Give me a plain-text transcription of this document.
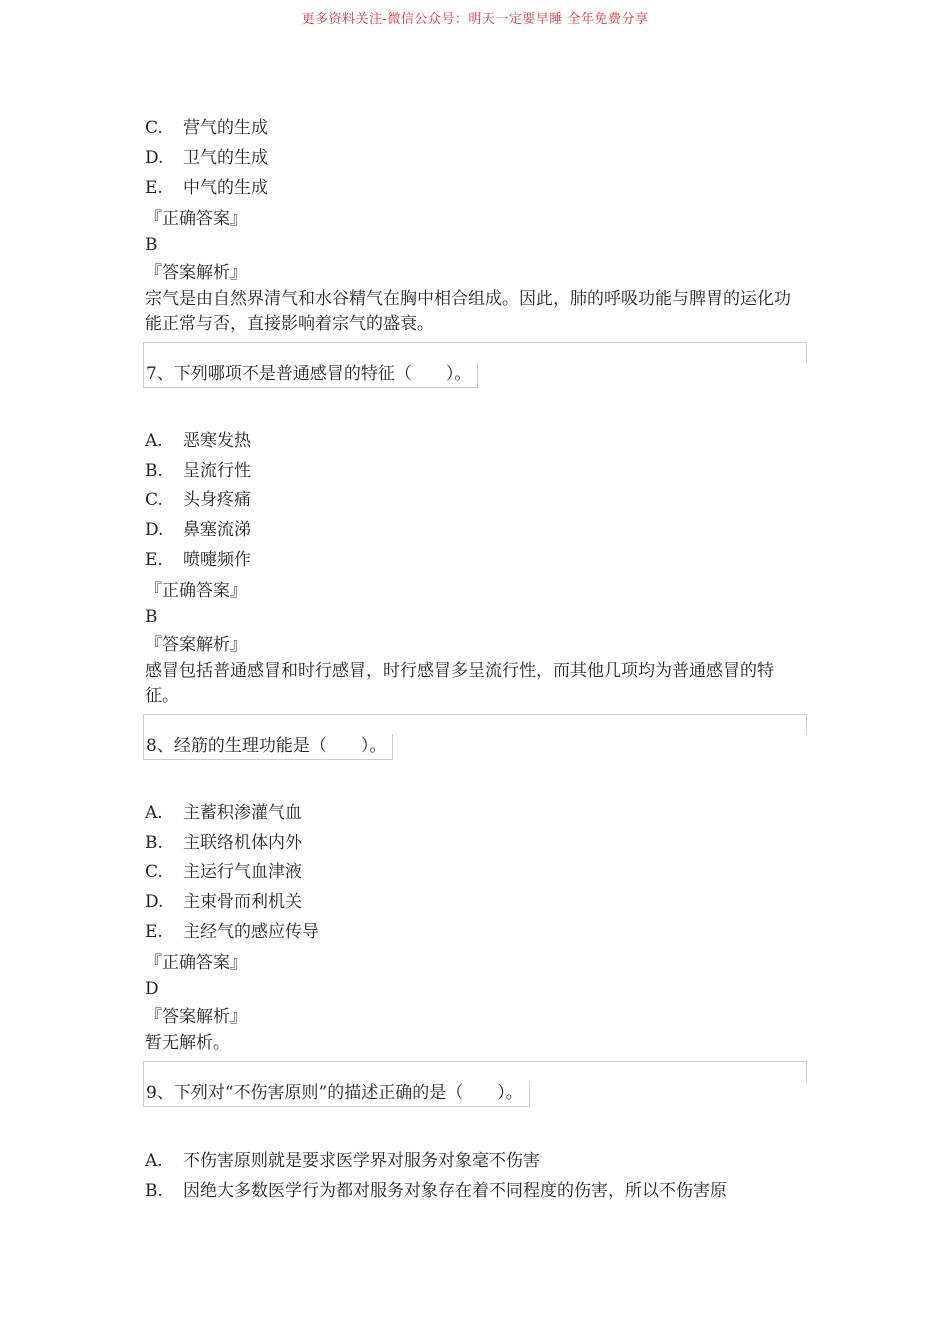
更多资料关注-微信公众号：明天一定要早睡 全年免费分享
C. 营气的生成
D. 卫气的生成
E. 中气的生成
『正确答案』
B
『答案解析』
宗气是由自然界清气和水谷精气在胸中相合组成。因此，肺的呼吸功能与脾胃的运化功能正常与否，直接影响着宗气的盛衰。
7、下列哪项不是普通感冒的特征（　　）。
A. 恶寒发热
B. 呈流行性
C. 头身疼痛
D. 鼻塞流涕
E. 喷嚏频作
『正确答案』
B
『答案解析』
感冒包括普通感冒和时行感冒，时行感冒多呈流行性，而其他几项均为普通感冒的特征。
8、经筋的生理功能是（　　）。
A. 主蓄积渗灌气血
B. 主联络机体内外
C. 主运行气血津液
D. 主束骨而利机关
E. 主经气的感应传导
『正确答案』
D
『答案解析』
暂无解析。
9、下列对“不伤害原则”的描述正确的是（　　）。
A. 不伤害原则就是要求医学界对服务对象毫不伤害
B. 因绝大多数医学行为都对服务对象存在着不同程度的伤害，所以不伤害原
